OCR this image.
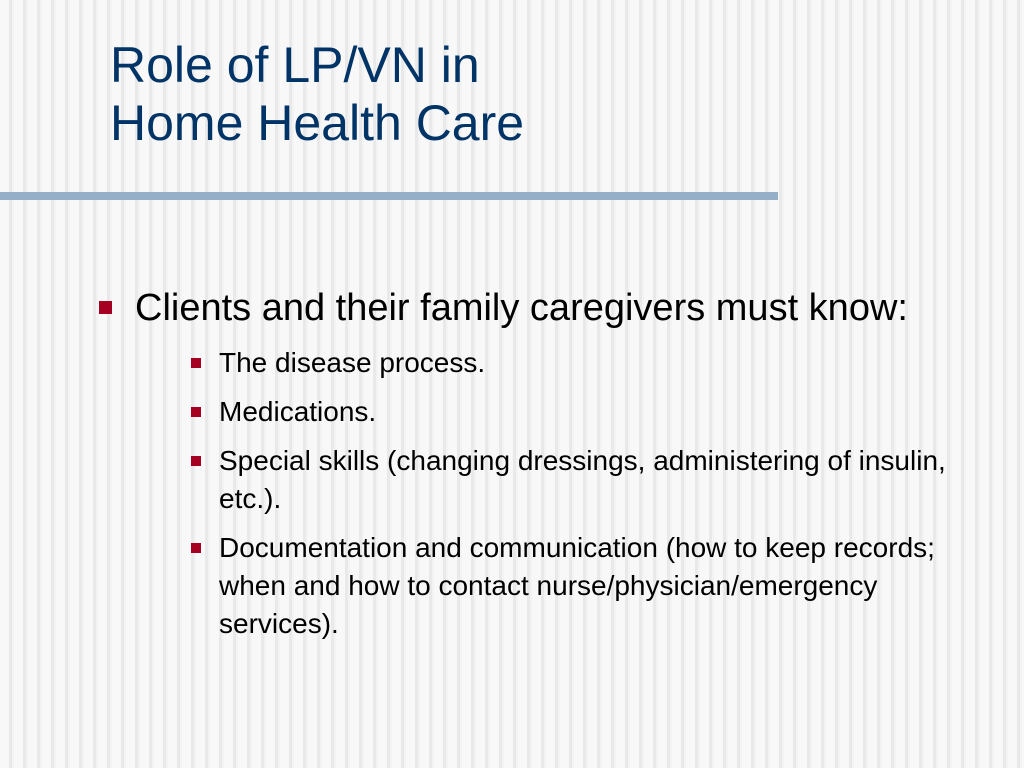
Role of LP/VN in
Home Health Care
Clients and their family caregivers must know:
The disease process.
Medications.
Special skills (changing dressings, administering of insulin, etc.).
Documentation and communication (how to keep records; when and how to contact nurse/physician/emergency services).
